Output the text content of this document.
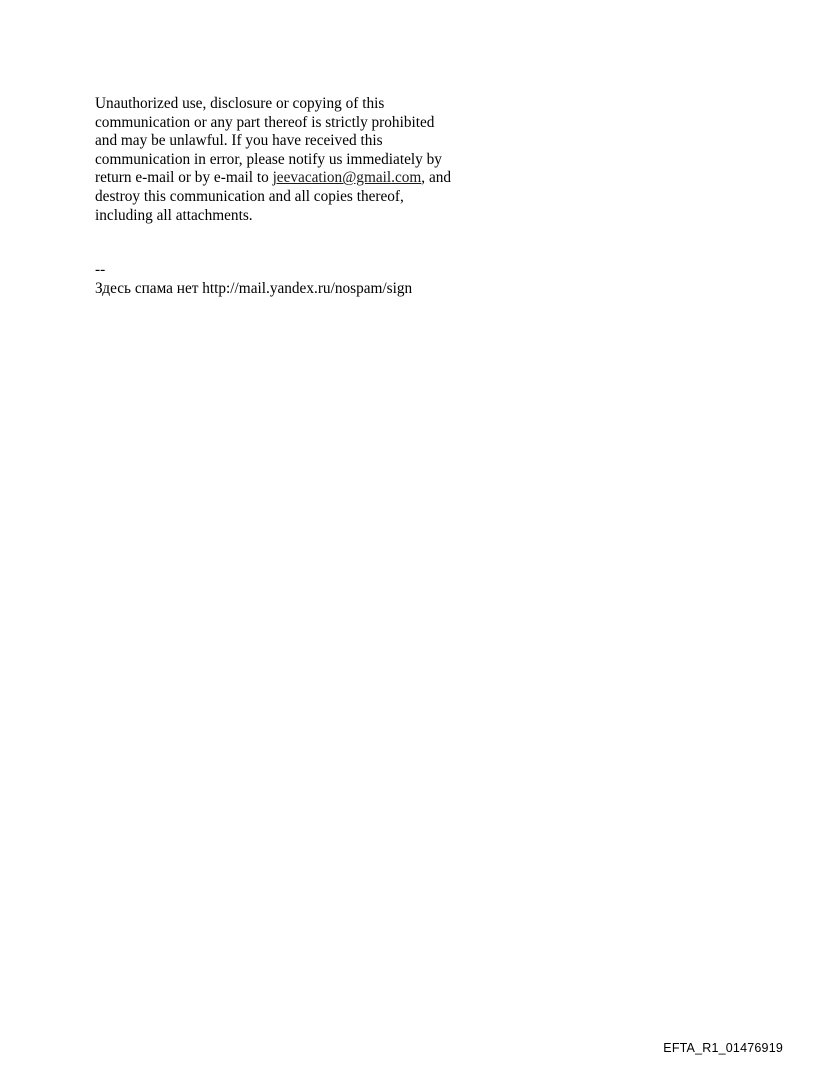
Unauthorized use, disclosure or copying of this

communication or any part thereof is strictly prohibited

and may be unlawful. If you have received this

communication in error, please notify us immediately by

return e-mail or by e-mail to jeevacation@gmail.com, and

destroy this communication and all copies thereof,

including all attachments.

--

Здесь спама нет http://mail.yandex.ru/nospam/sign

EFTA_R1_01476919
